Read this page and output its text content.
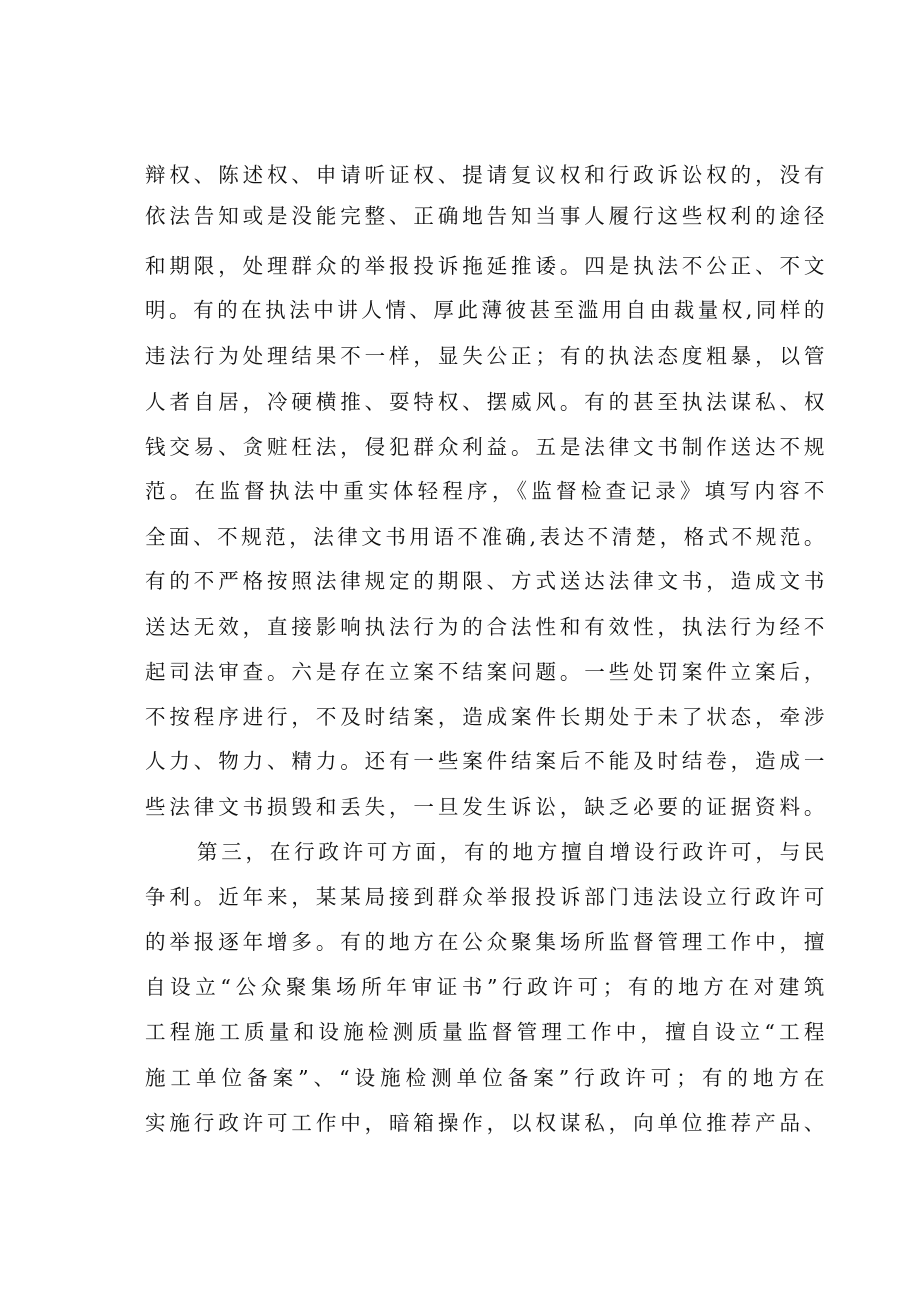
辩权、陈述权、申请听证权、提请复议权和行政诉讼权的，没有
依法告知或是没能完整、正确地告知当事人履行这些权利的途径
和期限，处理群众的举报投诉拖延推诿。四是执法不公正、不文
明。有的在执法中讲人情、厚此薄彼甚至滥用自由裁量权,同样的
违法行为处理结果不一样，显失公正；有的执法态度粗暴，以管
人者自居，冷硬横推、耍特权、摆威风。有的甚至执法谋私、权
钱交易、贪赃枉法，侵犯群众利益。五是法律文书制作送达不规
范。在监督执法中重实体轻程序，《监督检查记录》填写内容不
全面、不规范，法律文书用语不准确,表达不清楚，格式不规范。
有的不严格按照法律规定的期限、方式送达法律文书，造成文书
送达无效，直接影响执法行为的合法性和有效性，执法行为经不
起司法审查。六是存在立案不结案问题。一些处罚案件立案后，
不按程序进行，不及时结案，造成案件长期处于未了状态，牵涉
人力、物力、精力。还有一些案件结案后不能及时结卷，造成一
些法律文书损毁和丢失，一旦发生诉讼，缺乏必要的证据资料。
第三，在行政许可方面，有的地方擅自增设行政许可，与民
争利。近年来，某某局接到群众举报投诉部门违法设立行政许可
的举报逐年增多。有的地方在公众聚集场所监督管理工作中，擅
自设立“公众聚集场所年审证书”行政许可；有的地方在对建筑
工程施工质量和设施检测质量监督管理工作中，擅自设立“工程
施工单位备案”、“设施检测单位备案”行政许可；有的地方在
实施行政许可工作中，暗箱操作，以权谋私，向单位推荐产品、
